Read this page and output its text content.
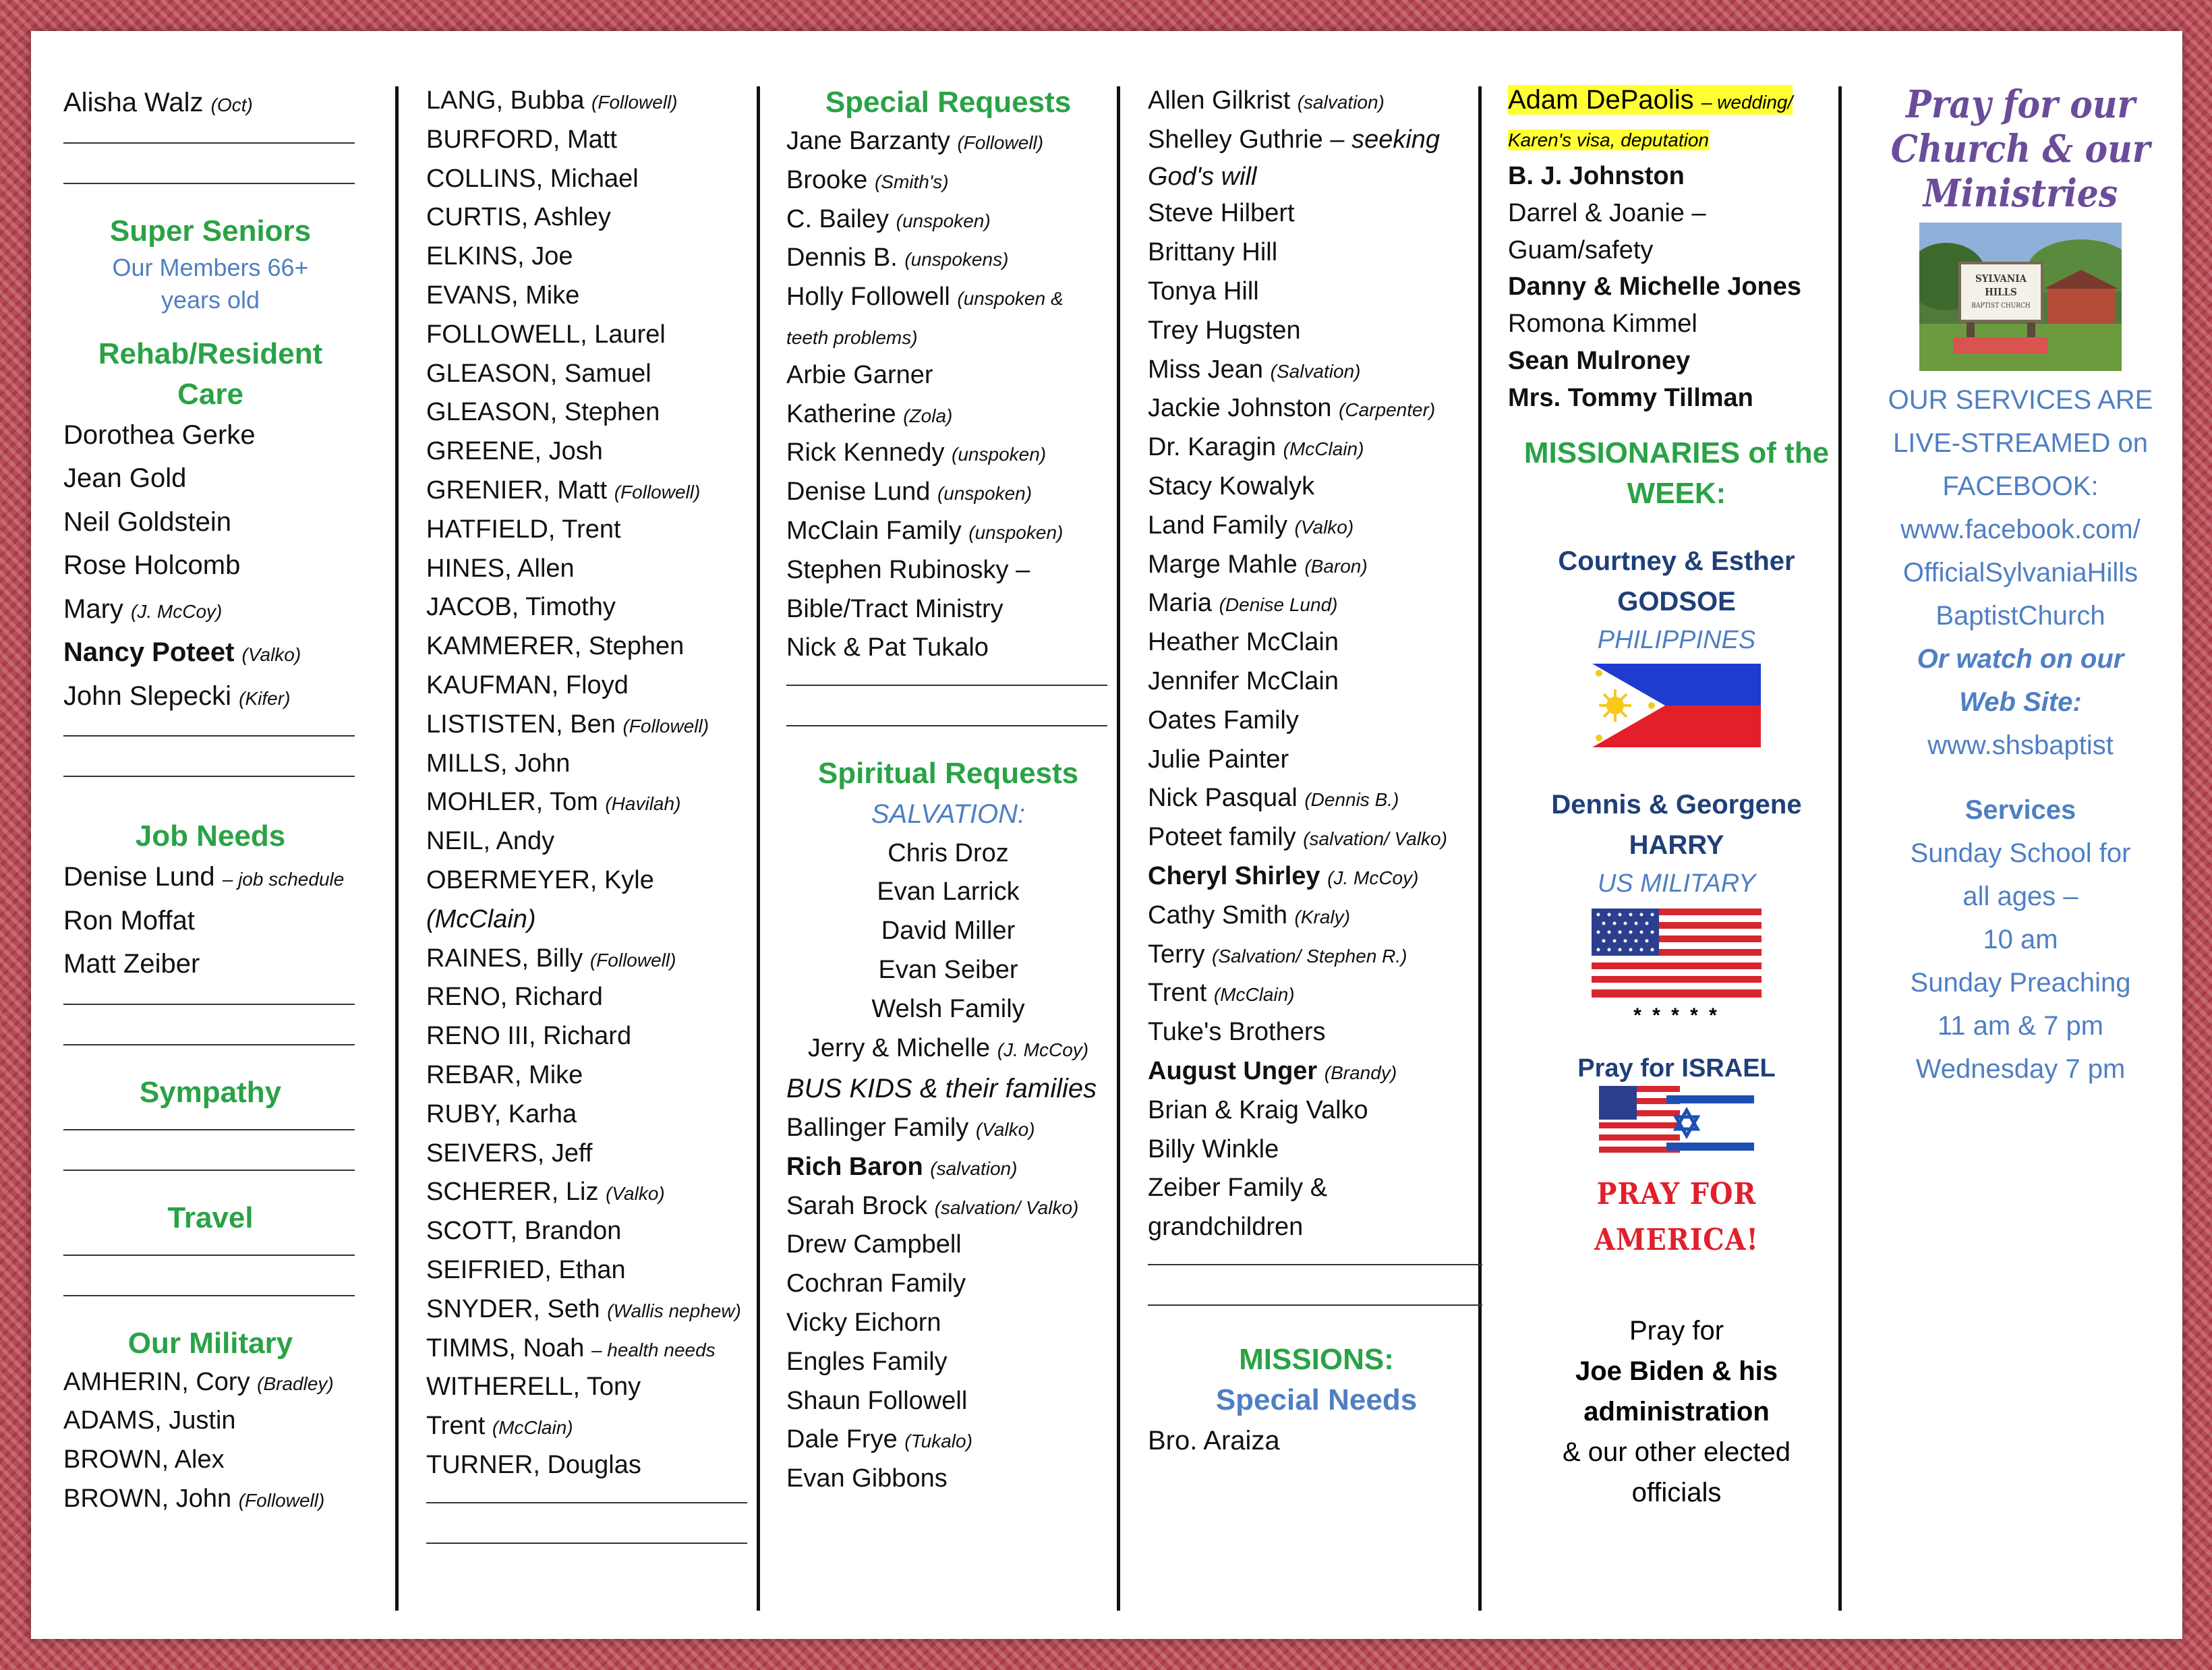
Alisha Walz (Oct)
Super Seniors
Our Members 66+
years old
Rehab/Resident Care
Dorothea Gerke
Jean Gold
Neil Goldstein
Rose Holcomb
Mary (J. McCoy)
Nancy Poteet (Valko)
John Slepecki (Kifer)
Job Needs
Denise Lund – job schedule
Ron Moffat
Matt Zeiber
Sympathy
Travel
Our Military
AMHERIN, Cory (Bradley)
ADAMS, Justin
BROWN, Alex
BROWN, John (Followell)
LANG, Bubba (Followell)
BURFORD, Matt
COLLINS, Michael
CURTIS, Ashley
ELKINS, Joe
EVANS, Mike
FOLLOWELL, Laurel
GLEASON, Samuel
GLEASON, Stephen
GREENE, Josh
GRENIER, Matt (Followell)
HATFIELD, Trent
HINES, Allen
JACOB, Timothy
KAMMERER, Stephen
KAUFMAN, Floyd
LISTISTEN, Ben (Followell)
MILLS, John
MOHLER, Tom (Havilah)
NEIL, Andy
OBERMEYER, Kyle
(McClain)
RAINES, Billy (Followell)
RENO, Richard
RENO III, Richard
REBAR, Mike
RUBY, Karha
SEIVERS, Jeff
SCHERER, Liz (Valko)
SCOTT, Brandon
SEIFRIED, Ethan
SNYDER, Seth (Wallis nephew)
TIMMS, Noah – health needs
WITHERELL, Tony
Trent (McClain)
TURNER, Douglas
Special Requests
Jane Barzanty (Followell)
Brooke (Smith's)
C. Bailey (unspoken)
Dennis B. (unspokens)
Holly Followell (unspoken &
teeth problems)
Arbie Garner
Katherine (Zola)
Rick Kennedy (unspoken)
Denise Lund (unspoken)
McClain Family (unspoken)
Stephen Rubinosky –
Bible/Tract Ministry
Nick & Pat Tukalo
Spiritual Requests
SALVATION:
Chris Droz
Evan Larrick
David Miller
Evan Seiber
Welsh Family
Jerry & Michelle (J. McCoy)
BUS KIDS & their families
Ballinger Family (Valko)
Rich Baron (salvation)
Sarah Brock (salvation/ Valko)
Drew Campbell
Cochran Family
Vicky Eichorn
Engles Family
Shaun Followell
Dale Frye (Tukalo)
Evan Gibbons
Allen Gilkrist (salvation)
Shelley Guthrie – seeking
God's will
Steve Hilbert
Brittany Hill
Tonya Hill
Trey Hugsten
Miss Jean (Salvation)
Jackie Johnston (Carpenter)
Dr. Karagin (McClain)
Stacy Kowalyk
Land Family (Valko)
Marge Mahle (Baron)
Maria (Denise Lund)
Heather McClain
Jennifer McClain
Oates Family
Julie Painter
Nick Pasqual (Dennis B.)
Poteet family (salvation/ Valko)
Cheryl Shirley (J. McCoy)
Cathy Smith (Kraly)
Terry (Salvation/ Stephen R.)
Trent (McClain)
Tuke's Brothers
August Unger (Brandy)
Brian & Kraig Valko
Billy Winkle
Zeiber Family &
grandchildren
MISSIONS:
Special Needs
Bro. Araiza
Adam DePaolis – wedding/
Karen's visa, deputation
B. J. Johnston
Darrel & Joanie –
Guam/safety
Danny & Michelle Jones
Romona Kimmel
Sean Mulroney
Mrs. Tommy Tillman
MISSIONARIES of the
WEEK:
Courtney & Esther
GODSOE
PHILIPPINES
Dennis & Georgene
HARRY
US MILITARY
* * * * *
Pray for ISRAEL
PRAY FOR
AMERICA!
Pray for
Joe Biden & his
administration
& our other elected
officials
Pray for our
Church & our
Ministries
SYLVANIA
HILLS
BAPTIST CHURCH
OUR SERVICES ARE
LIVE-STREAMED on
FACEBOOK:
www.facebook.com/
OfficialSylvaniaHills
BaptistChurch
Or watch on our
Web Site:
www.shsbaptist
Services
Sunday School for
all ages –
10 am
Sunday Preaching
11 am & 7 pm
Wednesday 7 pm
